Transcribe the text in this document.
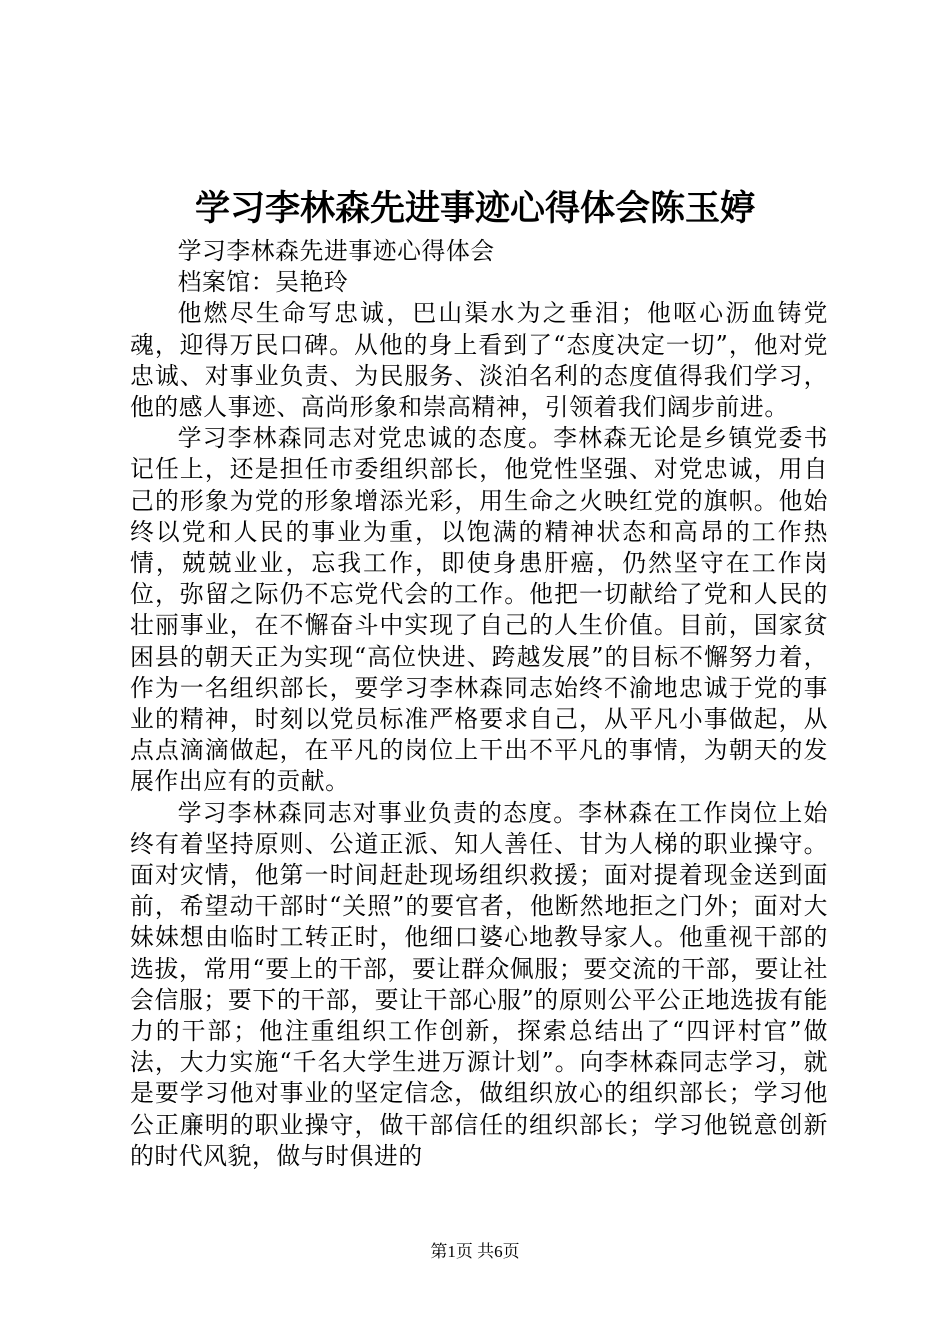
学习李林森先进事迹心得体会陈玉婷

学习李林森先进事迹心得体会

档案馆：吴艳玲

他燃尽生命写忠诚，巴山渠水为之垂泪；他呕心沥血铸党魂，迎得万民口碑。从他的身上看到了“态度决定一切”，他对党忠诚、对事业负责、为民服务、淡泊名利的态度值得我们学习，他的感人事迹、高尚形象和崇高精神，引领着我们阔步前进。

学习李林森同志对党忠诚的态度。李林森无论是乡镇党委书记任上，还是担任市委组织部长，他党性坚强、对党忠诚，用自己的形象为党的形象增添光彩，用生命之火映红党的旗帜。他始终以党和人民的事业为重，以饱满的精神状态和高昂的工作热情，兢兢业业，忘我工作，即使身患肝癌，仍然坚守在工作岗位，弥留之际仍不忘党代会的工作。他把一切献给了党和人民的壮丽事业，在不懈奋斗中实现了自己的人生价值。目前，国家贫困县的朝天正为实现“高位快进、跨越发展”的目标不懈努力着，作为一名组织部长，要学习李林森同志始终不渝地忠诚于党的事业的精神，时刻以党员标准严格要求自己，从平凡小事做起，从点点滴滴做起，在平凡的岗位上干出不平凡的事情，为朝天的发展作出应有的贡献。

学习李林森同志对事业负责的态度。李林森在工作岗位上始终有着坚持原则、公道正派、知人善任、甘为人梯的职业操守。面对灾情，他第一时间赶赴现场组织救援；面对提着现金送到面前，希望动干部时“关照”的要官者，他断然地拒之门外；面对大妹妹想由临时工转正时，他细口婆心地教导家人。他重视干部的选拔，常用“要上的干部，要让群众佩服；要交流的干部，要让社会信服；要下的干部，要让干部心服”的原则公平公正地选拔有能力的干部；他注重组织工作创新，探索总结出了“四评村官”做法，大力实施“千名大学生进万源计划”。向李林森同志学习，就是要学习他对事业的坚定信念，做组织放心的组织部长；学习他公正廉明的职业操守，做干部信任的组织部长；学习他锐意创新的时代风貌，做与时俱进的

第1页 共6页
